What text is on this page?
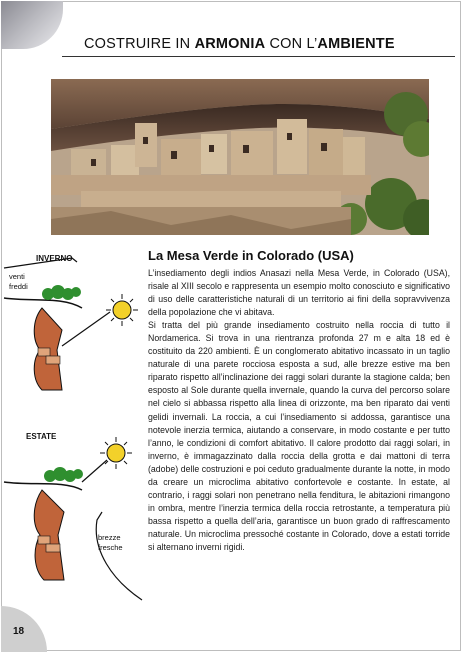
COSTRUIRE IN ARMONIA CON L’AMBIENTE
INVERNO
venti
freddi
ESTATE
brezze
fresche
La Mesa Verde in Colorado (USA)

L’insediamento degli indios Anasazi nella Mesa Verde, in Colorado (USA), risale al XIII secolo e rappresenta un esempio molto conosciuto e significativo di uso delle caratteristiche naturali di un territorio ai fini della sopravvivenza della popolazione che vi abitava.

Si tratta del più grande insediamento costruito nella roccia di tutto il Nordamerica. Si trova in una rientranza profonda 27 m e alta 18 ed è costituito da 220 ambienti. È un conglomerato abitativo incassato in un taglio naturale di una parete rocciosa esposta a sud, alle brezze estive ma ben riparato rispetto all’inclinazione dei raggi solari durante la stagione calda; ben esposto al Sole durante quella invernale, quando la curva del percorso solare nel cielo si abbassa rispetto alla linea di orizzonte, ma ben riparato dai venti gelidi invernali. La roccia, a cui l’insediamento si addossa, garantisce una notevole inerzia termica, aiutando a conservare, in modo costante e per tutto l’anno, le condizioni di comfort abitativo. Il calore prodotto dai raggi solari, in inverno, è immagazzinato dalla roccia della grotta e dai mattoni di terra (adobe) delle costruzioni e poi ceduto gradualmente durante la notte, in modo da creare un microclima abitativo confortevole e costante. In estate, al contrario, i raggi solari non penetrano nella fenditura, le abitazioni rimangono in ombra, mentre l’inerzia termica della roccia retrostante, a temperatura più bassa rispetto a quella dell’aria, garantisce un buon grado di raffrescamento naturale. Un microclima pressoché costante in Colorado, dove a estati torride si alternano inverni rigidi.

18
